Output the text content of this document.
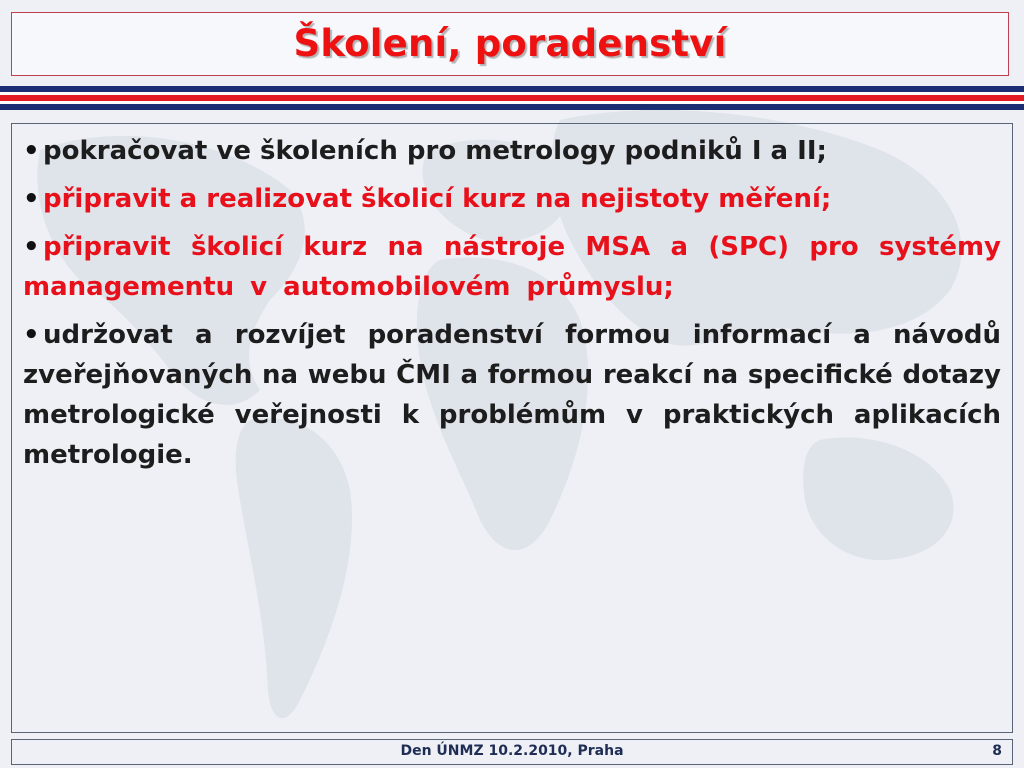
Školení, poradenství
• pokračovat ve školeních pro metrology podniků I a II;
• připravit a realizovat školicí kurz na nejistoty měření;
• připravit školicí kurz na nástroje MSA a (SPC) pro systémy managementu v automobilovém průmyslu;
• udržovat a rozvíjet poradenství formou informací a návodů zveřejňovaných na webu ČMI a formou reakcí na specifické dotazy metrologické veřejnosti k problémům v praktických aplikacích metrologie.
Den ÚNMZ 10.2.2010, Praha	8
